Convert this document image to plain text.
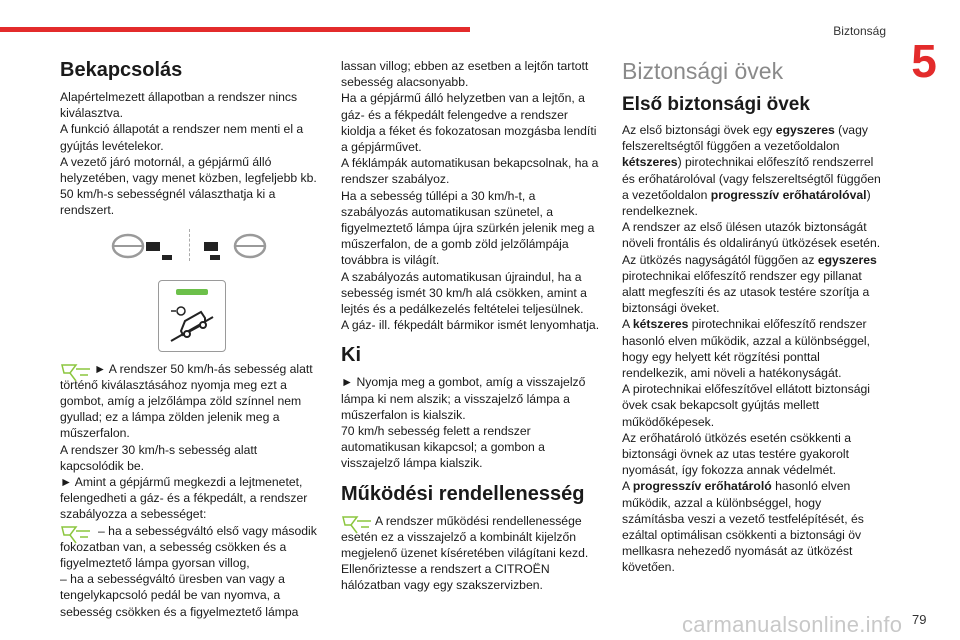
Biztonság
5
Bekapcsolás

Alapértelmezett állapotban a rendszer nincs kiválasztva.
A funkció állapotát a rendszer nem menti el a gyújtás levételekor.
A vezető járó motornál, a gépjármű álló helyzetében, vagy menet közben, legfeljebb kb. 50 km/h-s sebességnél választhatja ki a rendszert.

► A rendszer 50 km/h-ás sebesség alatt történő kiválasztásához nyomja meg ezt a gombot, amíg a jelzőlámpa zöld színnel nem gyullad; ez a lámpa zölden jelenik meg a műszerfalon.

A rendszer 30 km/h-s sebesség alatt kapcsolódik be.
► Amint a gépjármű megkezdi a lejtmenetet, felengedheti a gáz- és a fékpedált, a rendszer szabályozza a sebességet:

– ha a sebességváltó első vagy második fokozatban van, a sebesség csökken és a figyelmeztető lámpa gyorsan villog,

– ha a sebességváltó üresben van vagy a tengelykapcsoló pedál be van nyomva, a sebesség csökken és a figyelmeztető lámpa

lassan villog; ebben az esetben a lejtőn tartott sebesség alacsonyabb.
Ha a gépjármű álló helyzetben van a lejtőn, a gáz- és a fékpedált felengedve a rendszer kioldja a féket és fokozatosan mozgásba lendíti a gépjárművet.
A féklámpák automatikusan bekapcsolnak, ha a rendszer szabályoz.
Ha a sebesség túllépi a 30 km/h-t, a szabályozás automatikusan szünetel, a figyelmeztető lámpa újra szürkén jelenik meg a műszerfalon, de a gomb zöld jelzőlámpája továbbra is világít.
A szabályozás automatikusan újraindul, ha a sebesség ismét 30 km/h alá csökken, amint a lejtés és a pedálkezelés feltételei teljesülnek.
A gáz- ill. fékpedált bármikor ismét lenyomhatja.

Ki

► Nyomja meg a gombot, amíg a visszajelző lámpa ki nem alszik; a visszajelző lámpa a műszerfalon is kialszik.
70 km/h sebesség felett a rendszer automatikusan kikapcsol; a gombon a visszajelző lámpa kialszik.

Működési rendellenesség

A rendszer működési rendellenessége esetén ez a visszajelző a kombinált kijelzőn megjelenő üzenet kíséretében világítani kezd.

Ellenőriztesse a rendszert a CITROËN hálózatban vagy egy szakszervizben.

Biztonsági övek
Első biztonsági övek

Az első biztonsági övek egy egyszeres (vagy felszereltségtől függően a vezetőoldalon kétszeres) pirotechnikai előfeszítő rendszerrel és erőhatárolóval (vagy felszereltségtől függően a vezetőoldalon progresszív erőhatárolóval) rendelkeznek.

A rendszer az első ülésen utazók biztonságát növeli frontális és oldalirányú ütközések esetén.

Az ütközés nagyságától függően az egyszeres pirotechnikai előfeszítő rendszer egy pillanat alatt megfeszíti és az utasok testére szorítja a biztonsági öveket.

A kétszeres pirotechnikai előfeszítő rendszer hasonló elven működik, azzal a különbséggel, hogy egy helyett két rögzítési ponttal rendelkezik, ami növeli a hatékonyságát.

A pirotechnikai előfeszítővel ellátott biztonsági övek csak bekapcsolt gyújtás mellett működőképesek.
Az erőhatároló ütközés esetén csökkenti a biztonsági övnek az utas testére gyakorolt nyomását, így fokozza annak védelmét.

A progresszív erőhatároló hasonló elven működik, azzal a különbséggel, hogy számításba veszi a vezető testfelépítését, és ezáltal optimálisan csökkenti a biztonsági öv mellkasra nehezedő nyomását az ütközést követően.

carmanualsonline.info 79
